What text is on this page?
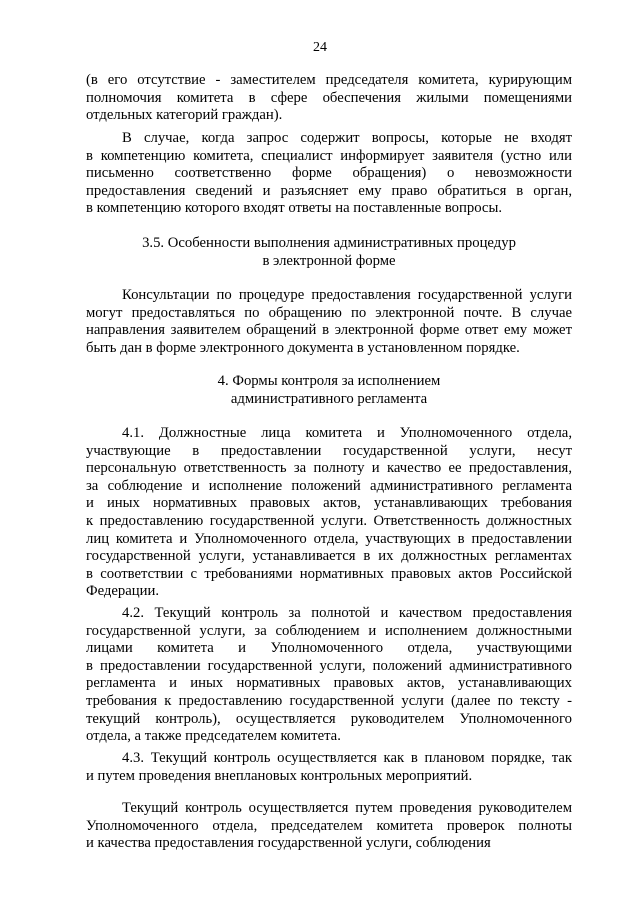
24
(в его отсутствие - заместителем председателя комитета, курирующим
полномочия комитета в сфере обеспечения жилыми помещениями
отдельных категорий граждан).
В случае, когда запрос содержит вопросы, которые не входят
в компетенцию комитета, специалист информирует заявителя (устно или
письменно соответственно форме обращения) о невозможности
предоставления сведений и разъясняет ему право обратиться в орган,
в компетенцию которого входят ответы на поставленные вопросы.
3.5. Особенности выполнения административных процедур
в электронной форме
Консультации по процедуре предоставления государственной услуги
могут предоставляться по обращению по электронной почте. В случае
направления заявителем обращений в электронной форме ответ ему может
быть дан в форме электронного документа в установленном порядке.
4. Формы контроля за исполнением
административного регламента
4.1. Должностные лица комитета и Уполномоченного отдела,
участвующие в предоставлении государственной услуги, несут
персональную ответственность за полноту и качество ее предоставления,
за соблюдение и исполнение положений административного регламента
и иных нормативных правовых актов, устанавливающих требования
к предоставлению государственной услуги. Ответственность должностных
лиц комитета и Уполномоченного отдела, участвующих в предоставлении
государственной услуги, устанавливается в их должностных регламентах
в соответствии с требованиями нормативных правовых актов Российской
Федерации.
4.2. Текущий контроль за полнотой и качеством предоставления
государственной услуги, за соблюдением и исполнением должностными
лицами комитета и Уполномоченного отдела, участвующими
в предоставлении государственной услуги, положений административного
регламента и иных нормативных правовых актов, устанавливающих
требования к предоставлению государственной услуги (далее по тексту -
текущий контроль), осуществляется руководителем Уполномоченного
отдела, а также председателем комитета.
4.3. Текущий контроль осуществляется как в плановом порядке, так
и путем проведения внеплановых контрольных мероприятий.
Текущий контроль осуществляется путем проведения руководителем
Уполномоченного отдела, председателем комитета проверок полноты
и качества предоставления государственной услуги, соблюдения
